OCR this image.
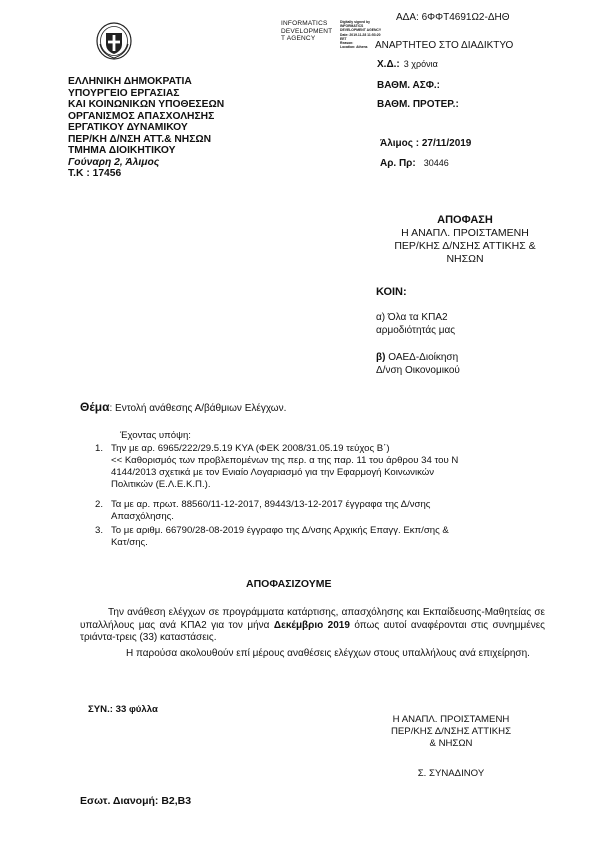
INFORMATICS
DEVELOPMENT
T AGENCY
Digitally signed by
INFORMATICS
DEVELOPMENT AGENCY
Date: 2019.11.28 11:53:20
EET
Reason:
Location: Athens
ΑΔΑ: 6ΦΦΤ4691Ω2-ΔΗΘ
ΑΝΑΡΤΗΤΕΟ ΣΤΟ ΔΙΑΔΙΚΤΥΟ
Χ.Δ.: 3 χρόνια
ΒΑΘΜ. ΑΣΦ.:
ΒΑΘΜ. ΠΡΟΤΕΡ.:
Άλιμος : 27/11/2019
Αρ. Πρ: 30446
ΕΛΛΗΝΙΚΗ ΔΗΜΟΚΡΑΤΙΑ
ΥΠΟΥΡΓΕΙΟ ΕΡΓΑΣΙΑΣ
ΚΑΙ ΚΟΙΝΩΝΙΚΩΝ ΥΠΟΘΕΣΕΩΝ
ΟΡΓΑΝΙΣΜΟΣ ΑΠΑΣΧΟΛΗΣΗΣ
ΕΡΓΑΤΙΚΟΥ ΔΥΝΑΜΙΚΟΥ
ΠΕΡ/ΚΗ Δ/ΝΣΗ ΑΤΤ.& ΝΗΣΩΝ
ΤΜΗΜΑ ΔΙΟΙΚΗΤΙΚΟΥ
Γούναρη 2, Άλιμος
Τ.Κ : 17456
ΑΠΟΦΑΣΗ
Η ΑΝΑΠΛ. ΠΡΟΙΣΤΑΜΕΝΗ
ΠΕΡ/ΚΗΣ Δ/ΝΣΗΣ ΑΤΤΙΚΗΣ &
ΝΗΣΩΝ
ΚΟΙΝ:
α) Όλα τα ΚΠΑ2
αρμοδιότητάς μας
β) ΟΑΕΔ-Διοίκηση
Δ/νση Οικονομικού
Θέμα: Εντολή ανάθεσης Α/βάθμιων Ελέγχων.
Έχοντας υπόψη:
1. Την με αρ. 6965/222/29.5.19 ΚΥΑ (ΦΕΚ 2008/31.05.19 τεύχος Β΄)
<< Καθορισμός των προβλεπομένων της περ. α της παρ. 11 του άρθρου 34 του Ν
4144/2013 σχετικά με τον Ενιαίο Λογαριασμό για την Εφαρμογή Κοινωνικών
Πολιτικών (Ε.Λ.Ε.Κ.Π.).
2. Τα με αρ. πρωτ. 88560/11-12-2017, 89443/13-12-2017 έγγραφα της Δ/νσης
Απασχόλησης.
3. Το με αριθμ. 66790/28-08-2019 έγγραφο της Δ/νσης Αρχικής Επαγγ. Εκπ/σης &
Κατ/σης.
ΑΠΟΦΑΣΙΖΟΥΜΕ
Την ανάθεση ελέγχων σε προγράμματα κατάρτισης, απασχόλησης και Εκπαίδευσης-Μαθητείας σε υπαλλήλους μας ανά ΚΠΑ2 για τον μήνα Δεκέμβριο 2019 όπως αυτοί αναφέρονται στις συνημμένες τριάντα-τρεις (33) καταστάσεις.
Η παρούσα ακολουθούν επί μέρους αναθέσεις ελέγχων στους υπαλλήλους ανά επιχείρηση.
ΣΥΝ.: 33 φύλλα
Η ΑΝΑΠΛ. ΠΡΟΙΣΤΑΜΕΝΗ
ΠΕΡ/ΚΗΣ Δ/ΝΣΗΣ ΑΤΤΙΚΗΣ
& ΝΗΣΩΝ
Σ. ΣΥΝΑΔΙΝΟΥ
Εσωτ. Διανομή: Β2,Β3
